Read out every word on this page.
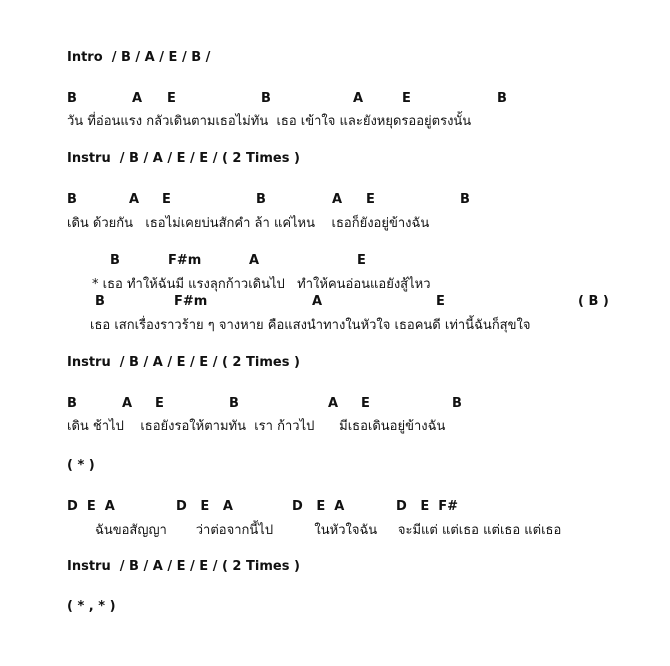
Intro  / B / A / E / B /
B	A E	B	A	E	B
วัน ที่อ่อนแรง กลัวเดินตามเธอไม่ทัน  เธอ เข้าใจ และยังหยุดรออยู่ตรงนั้น
Instru  / B / A / E / E / ( 2 Times )
B	A E	B	A E	B
เดิน ด้วยกัน   เธอไม่เคยบ่นสักคำ ล้า แค่ไหน    เธอก็ยังอยู่ข้างฉัน
B	F#m	A	E
* เธอ ทำให้ฉันมี แรงลุกก้าวเดินไป   ทำให้คนอ่อนแอยังสู้ไหว
B	F#m	A	E	( B )
เธอ เสกเรื่องราวร้าย ๆ จางหาย คือแสงนำทางในหัวใจ เธอคนดี เท่านี้ฉันก็สุขใจ
Instru  / B / A / E / E / ( 2 Times )
B	A E	B	A E	B
เดิน ช้าไป    เธอยังรอให้ตามทัน  เรา ก้าวไป      มีเธอเดินอยู่ข้างฉัน
( * )
D  E  A	D   E   A	D   E  A	D   E  F#
ฉันขอสัญญา       ว่าต่อจากนี้ไป          ในหัวใจฉัน     จะมีแต่ แต่เธอ แต่เธอ แต่เธอ
Instru  / B / A / E / E / ( 2 Times )
( * , * )
